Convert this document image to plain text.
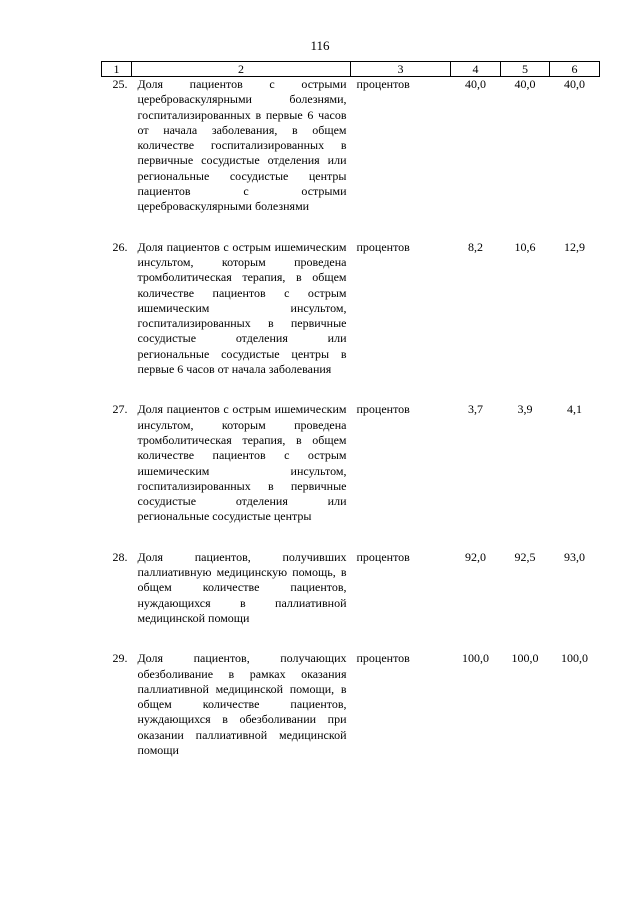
116
1	2	3	4	5	6
25.	Доля пациентов с острыми цереброваскулярными болезнями, госпитализированных в первые 6 часов от начала заболевания, в общем количестве госпитализированных в первичные сосудистые отделения или региональные сосудистые центры пациентов с острыми цереброваскулярными болезнями	процентов	40,0	40,0	40,0

26.	Доля пациентов с острым ишемическим инсультом, которым проведена тромболитическая терапия, в общем количестве пациентов с острым ишемическим инсультом, госпитализированных в первичные сосудистые отделения или региональные сосудистые центры в первые 6 часов от начала заболевания	процентов	8,2	10,6	12,9

27.	Доля пациентов с острым ишемическим инсультом, которым проведена тромболитическая терапия, в общем количестве пациентов с острым ишемическим инсультом, госпитализированных в первичные сосудистые отделения или региональные сосудистые центры	процентов	3,7	3,9	4,1

28.	Доля пациентов, получивших паллиативную медицинскую помощь, в общем количестве пациентов, нуждающихся в паллиативной медицинской помощи	процентов	92,0	92,5	93,0

29.	Доля пациентов, получающих обезболивание в рамках оказания паллиативной медицинской помощи, в общем количестве пациентов, нуждающихся в обезболивании при оказании паллиативной медицинской помощи	процентов	100,0	100,0	100,0
